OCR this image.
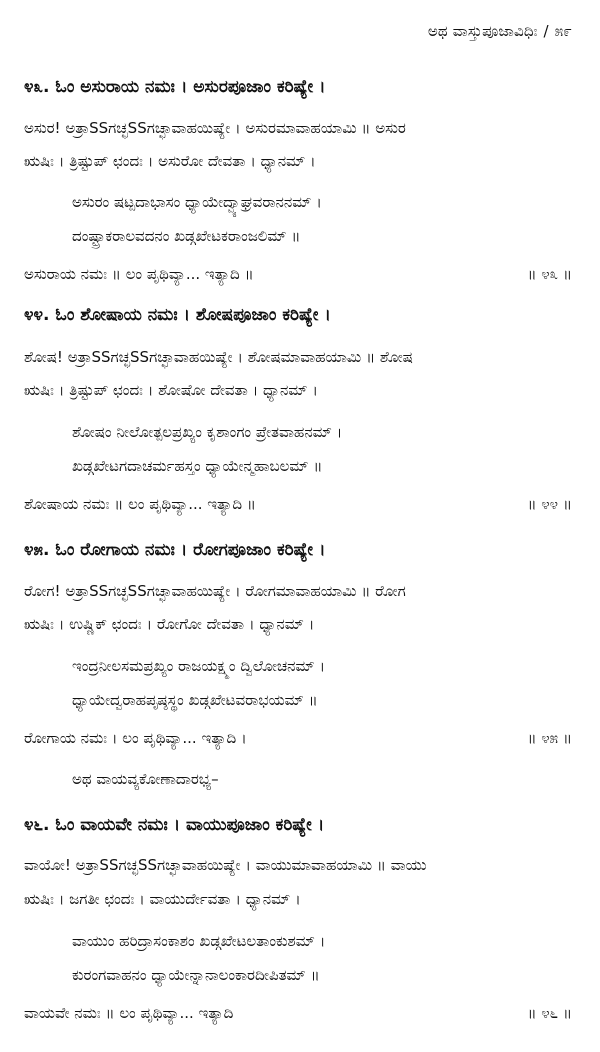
ಅಥ ವಾಸ್ತುಪೂಜಾವಿಧಿಃ / ೫೯
೪೩. ಓಂ ಅಸುರಾಯ ನಮಃ । ಅಸುರಪೂಜಾಂ ಕರಿಷ್ಯೇ ।
ಅಸುರ! ಅತ್ರಾSSಗಚ್ಛSSಗಚ್ಛಾವಾಹಯಿಷ್ಯೇ । ಅಸುರಮಾವಾಹಯಾಮಿ ॥ ಅಸುರ
ಋಷಿಃ । ತ್ರಿಷ್ಟುಪ್ ಛಂದಃ । ಅಸುರೋ ದೇವತಾ । ಧ್ಯಾನಮ್ ।
ಅಸುರಂ ಷಟ್ಪದಾಭಾಸಂ ಧ್ಯಾಯೇದ್ವ್ಯಾಘ್ರವರಾನನಮ್ ।
ದಂಷ್ಟ್ರಾಕರಾಲವದನಂ ಖಡ್ಗಖೇಟಕರಾಂಜಲಿಮ್ ॥
ಅಸುರಾಯ ನಮಃ ॥ ಲಂ ಪೃಥಿವ್ಯಾ... ಇತ್ಯಾದಿ ॥	॥ ೪೩ ॥
೪೪. ಓಂ ಶೋಷಾಯ ನಮಃ । ಶೋಷಪೂಜಾಂ ಕರಿಷ್ಯೇ ।
ಶೋಷ! ಅತ್ರಾSSಗಚ್ಛSSಗಚ್ಛಾವಾಹಯಿಷ್ಯೇ । ಶೋಷಮಾವಾಹಯಾಮಿ ॥ ಶೋಷ
ಋಷಿಃ । ತ್ರಿಷ್ಟುಪ್ ಛಂದಃ । ಶೋಷೋ ದೇವತಾ । ಧ್ಯಾನಮ್ ।
ಶೋಷಂ ನೀಲೋತ್ಪಲಪ್ರಖ್ಯಂ ಕೃಶಾಂಗಂ ಪ್ರೇತವಾಹನಮ್ ।
ಖಡ್ಗಖೇಟಗದಾಚರ್ಮಹಸ್ತಂ ಧ್ಯಾಯೇನ್ಮಹಾಬಲಮ್ ॥
ಶೋಷಾಯ ನಮಃ ॥ ಲಂ ಪೃಥಿವ್ಯಾ... ಇತ್ಯಾದಿ ॥	॥ ೪೪ ॥
೪೫. ಓಂ ರೋಗಾಯ ನಮಃ । ರೋಗಪೂಜಾಂ ಕರಿಷ್ಯೇ ।
ರೋಗ! ಅತ್ರಾSSಗಚ್ಛSSಗಚ್ಛಾವಾಹಯಿಷ್ಯೇ । ರೋಗಮಾವಾಹಯಾಮಿ ॥ ರೋಗ
ಋಷಿಃ । ಉಷ್ಣಿಕ್ ಛಂದಃ । ರೋಗೋ ದೇವತಾ । ಧ್ಯಾನಮ್ ।
ಇಂದ್ರನೀಲಸಮಪ್ರಖ್ಯಂ ರಾಜಯಕ್ಷ್ಮಂ ದ್ವಿಲೋಚನಮ್ ।
ಧ್ಯಾಯೇದ್ವರಾಹಪೃಷ್ಠಸ್ಥಂ ಖಡ್ಗಖೇಟವರಾಭಯಮ್ ॥
ರೋಗಾಯ ನಮಃ । ಲಂ ಪೃಥಿವ್ಯಾ... ಇತ್ಯಾದಿ ।	॥ ೪೫ ॥
ಅಥ ವಾಯವ್ಯಕೋಣಾದಾರಭ್ಯ–
೪೬. ಓಂ ವಾಯವೇ ನಮಃ । ವಾಯುಪೂಜಾಂ ಕರಿಷ್ಯೇ ।
ವಾಯೋ! ಅತ್ರಾSSಗಚ್ಛSSಗಚ್ಛಾವಾಹಯಿಷ್ಯೇ । ವಾಯುಮಾವಾಹಯಾಮಿ ॥ ವಾಯು
ಋಷಿಃ । ಜಗತೀ ಛಂದಃ । ವಾಯುರ್ದೇವತಾ । ಧ್ಯಾನಮ್ ।
ವಾಯುಂ ಹರಿದ್ರಾಸಂಕಾಶಂ ಖಡ್ಗಖೇಟಲತಾಂಕುಶಮ್ ।
ಕುರಂಗವಾಹನಂ ಧ್ಯಾಯೇನ್ನಾನಾಲಂಕಾರದೀಪಿತಮ್ ॥
ವಾಯವೇ ನಮಃ ॥ ಲಂ ಪೃಥಿವ್ಯಾ... ಇತ್ಯಾದಿ	॥ ೪೬ ॥
